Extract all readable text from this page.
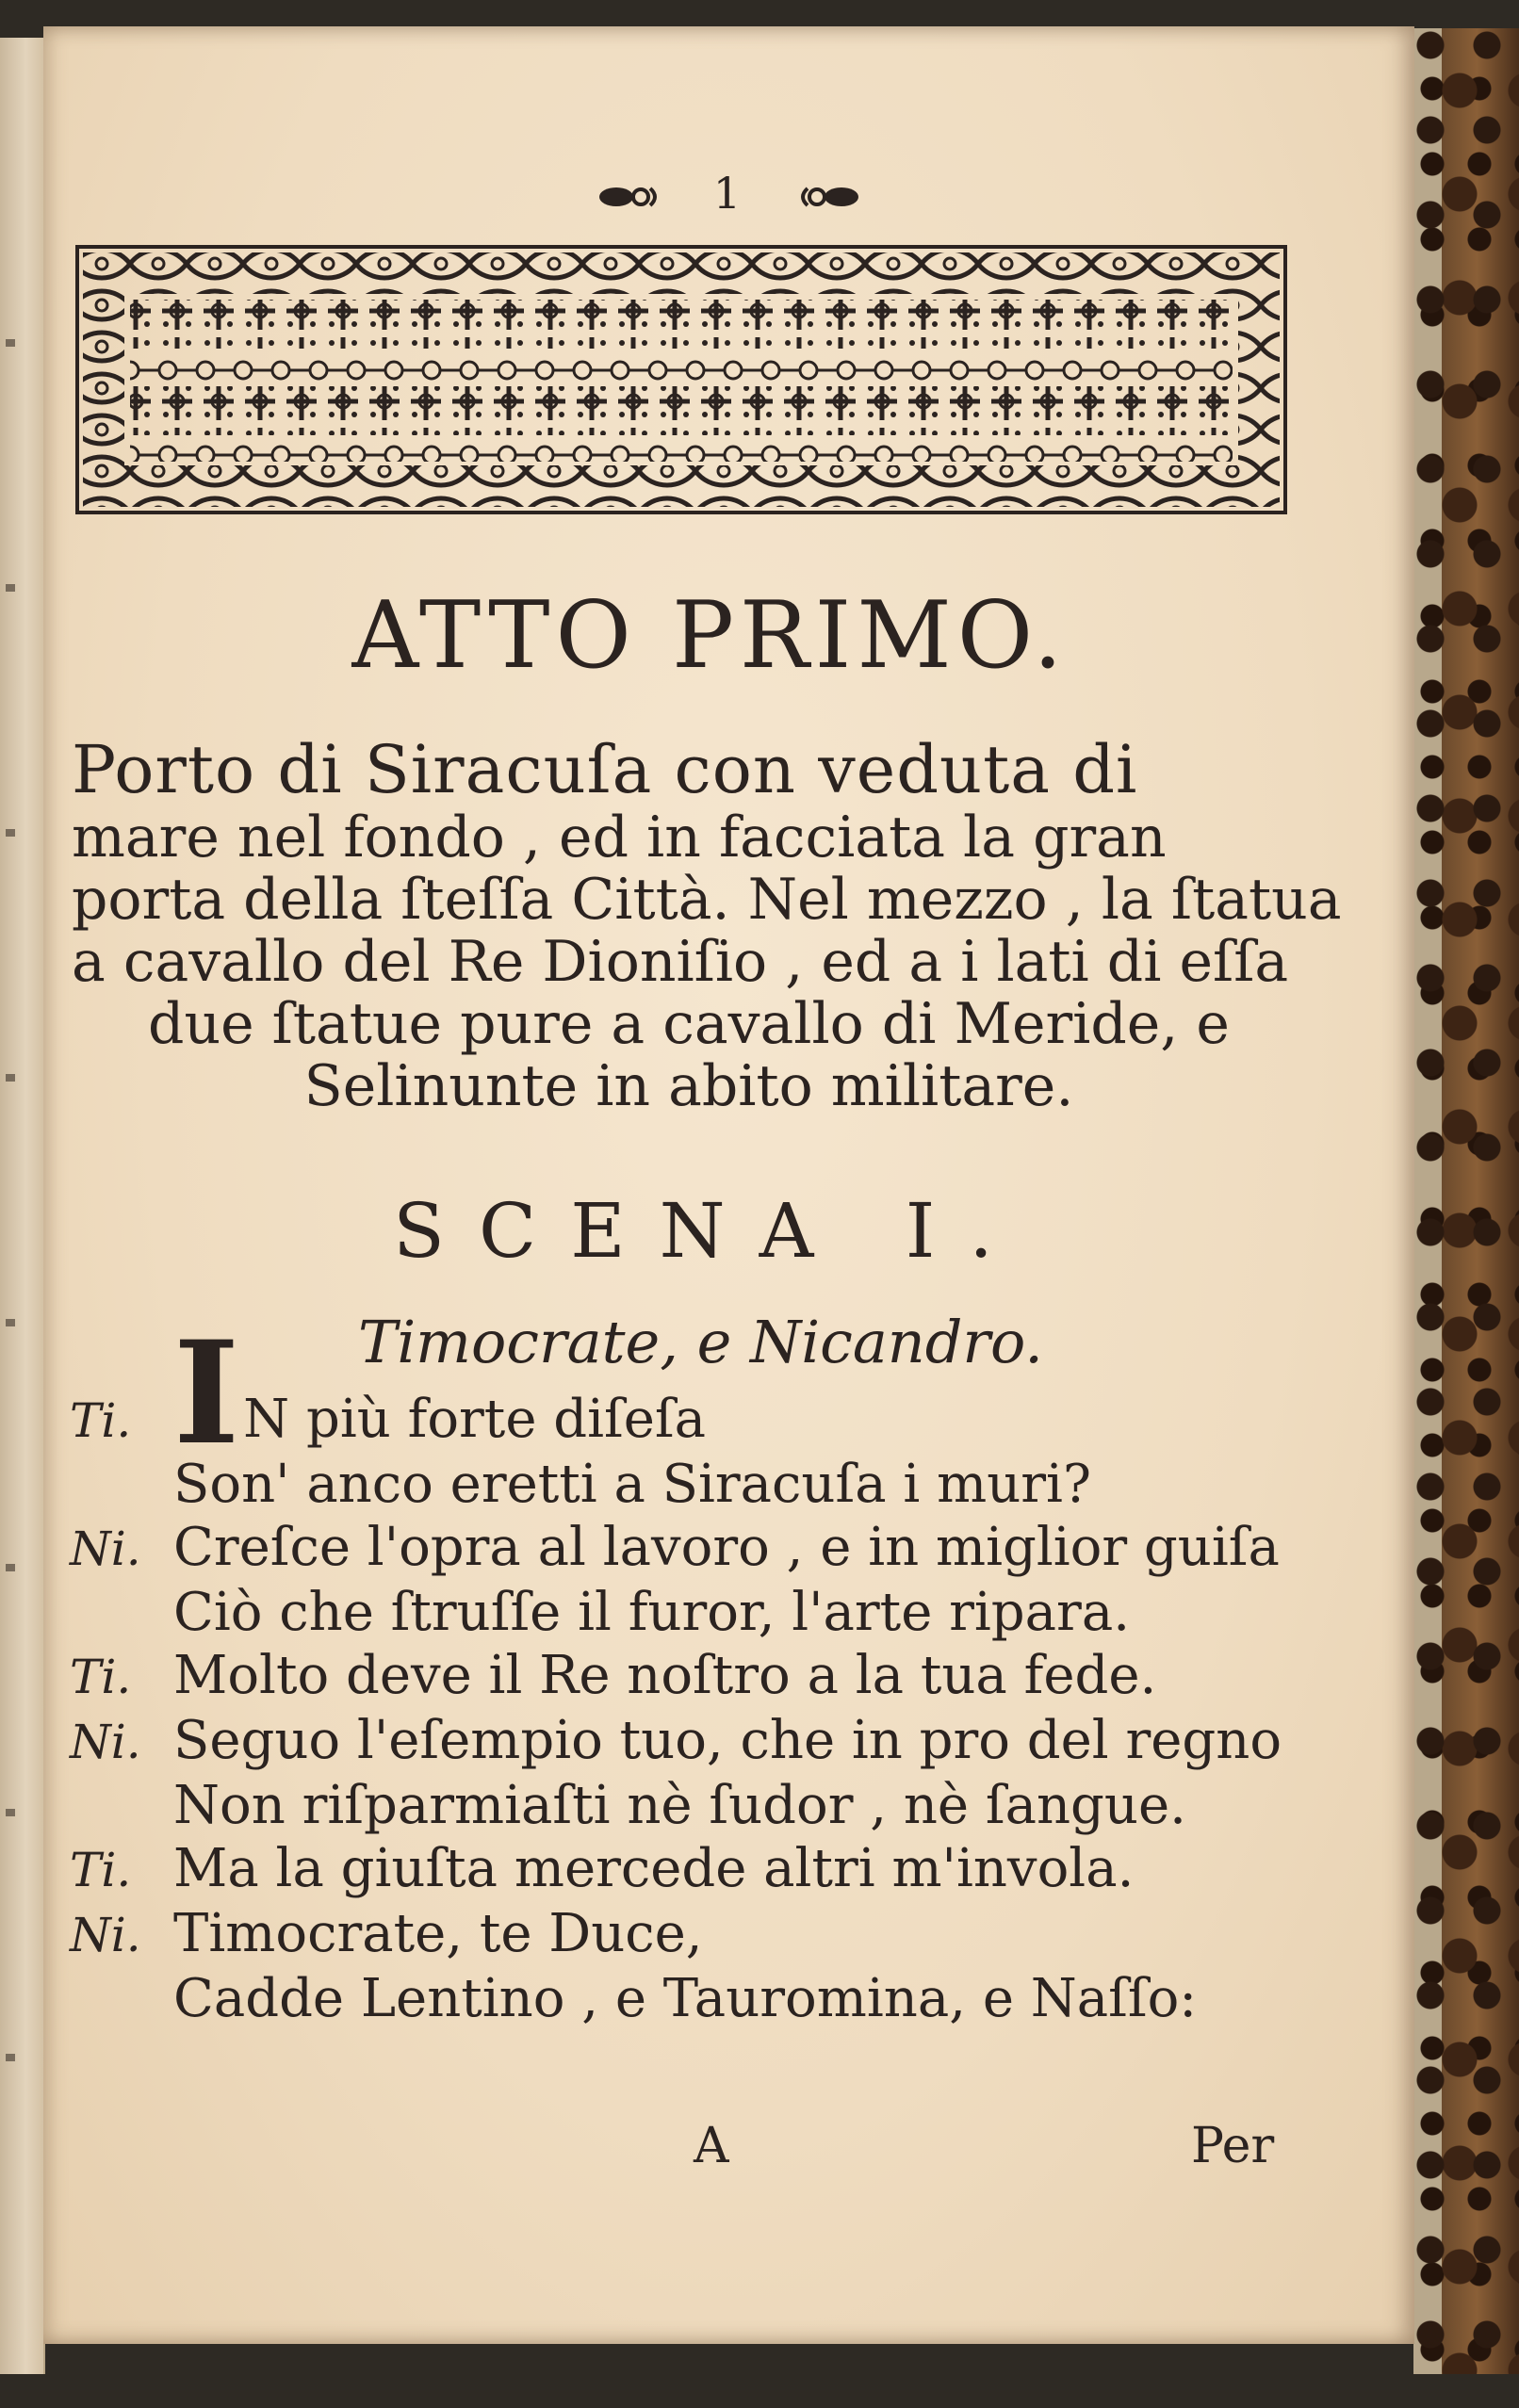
1
ATTO PRIMO.
Porto di Siracuſa con veduta di
mare nel fondo , ed in facciata la gran
porta della ſteſſa Città. Nel mezzo , la ſtatua
a cavallo del Re Dioniſio , ed a i lati di eſſa
due ſtatue pure a cavallo di Meride, e
Selinunte in abito militare.
SCENA I.
Timocrate, e Nicandro.
Ti. IN più forte diſeſa
Son' anco eretti a Siracuſa i muri?
Ni. Creſce l'opra al lavoro , e in miglior guiſa
Ciò che ſtruſſe il furor, l'arte ripara.
Ti. Molto deve il Re noſtro a la tua fede.
Ni. Seguo l'eſempio tuo, che in pro del regno
Non riſparmiaſti nè ſudor , nè ſangue.
Ti. Ma la giuſta mercede altri m'invola.
Ni. Timocrate, te Duce,
Cadde Lentino , e Tauromina, e Naſſo:
A	Per
